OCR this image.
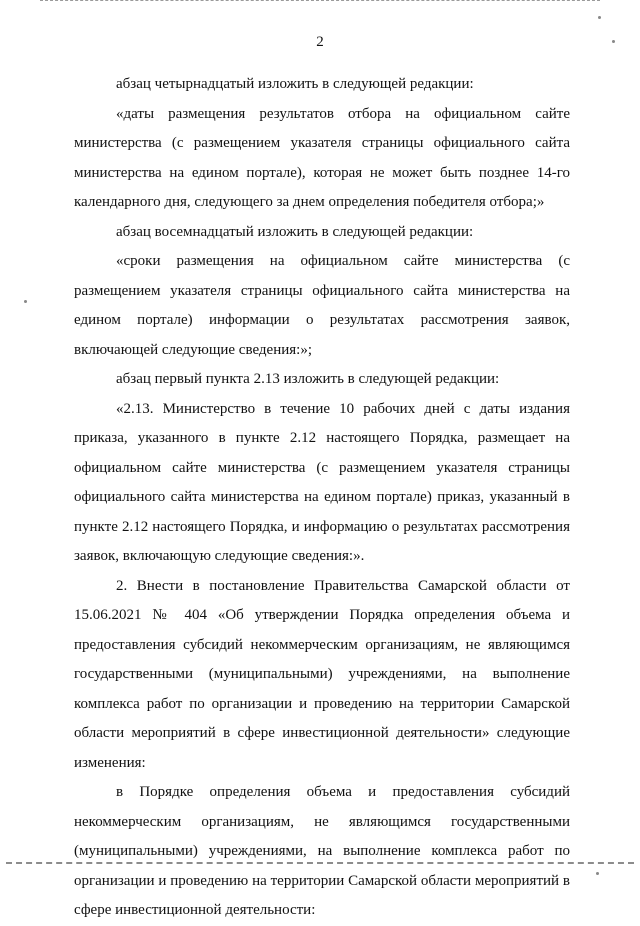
2

абзац четырнадцатый изложить в следующей редакции:

«даты размещения результатов отбора на официальном сайте министерства (с размещением указателя страницы официального сайта министерства на едином портале), которая не может быть позднее 14-го календарного дня, следующего за днем определения победителя отбора;»

абзац восемнадцатый изложить в следующей редакции:

«сроки размещения на официальном сайте министерства (с размещением указателя страницы официального сайта министерства на едином портале) информации о результатах рассмотрения заявок, включающей следующие сведения:»;

абзац первый пункта 2.13 изложить в следующей редакции:

«2.13. Министерство в течение 10 рабочих дней с даты издания приказа, указанного в пункте 2.12 настоящего Порядка, размещает на официальном сайте министерства (с размещением указателя страницы официального сайта министерства на едином портале) приказ, указанный в пункте 2.12 настоящего Порядка, и информацию о результатах рассмотрения заявок, включающую следующие сведения:».

2. Внести в постановление Правительства Самарской области от 15.06.2021 № 404 «Об утверждении Порядка определения объема и предоставления субсидий некоммерческим организациям, не являющимся государственными (муниципальными) учреждениями, на выполнение комплекса работ по организации и проведению на территории Самарской области мероприятий в сфере инвестиционной деятельности» следующие изменения:

в Порядке определения объема и предоставления субсидий некоммерческим организациям, не являющимся государственными (муниципальными) учреждениями, на выполнение комплекса работ по организации и проведению на территории Самарской области мероприятий в сфере инвестиционной деятельности:
